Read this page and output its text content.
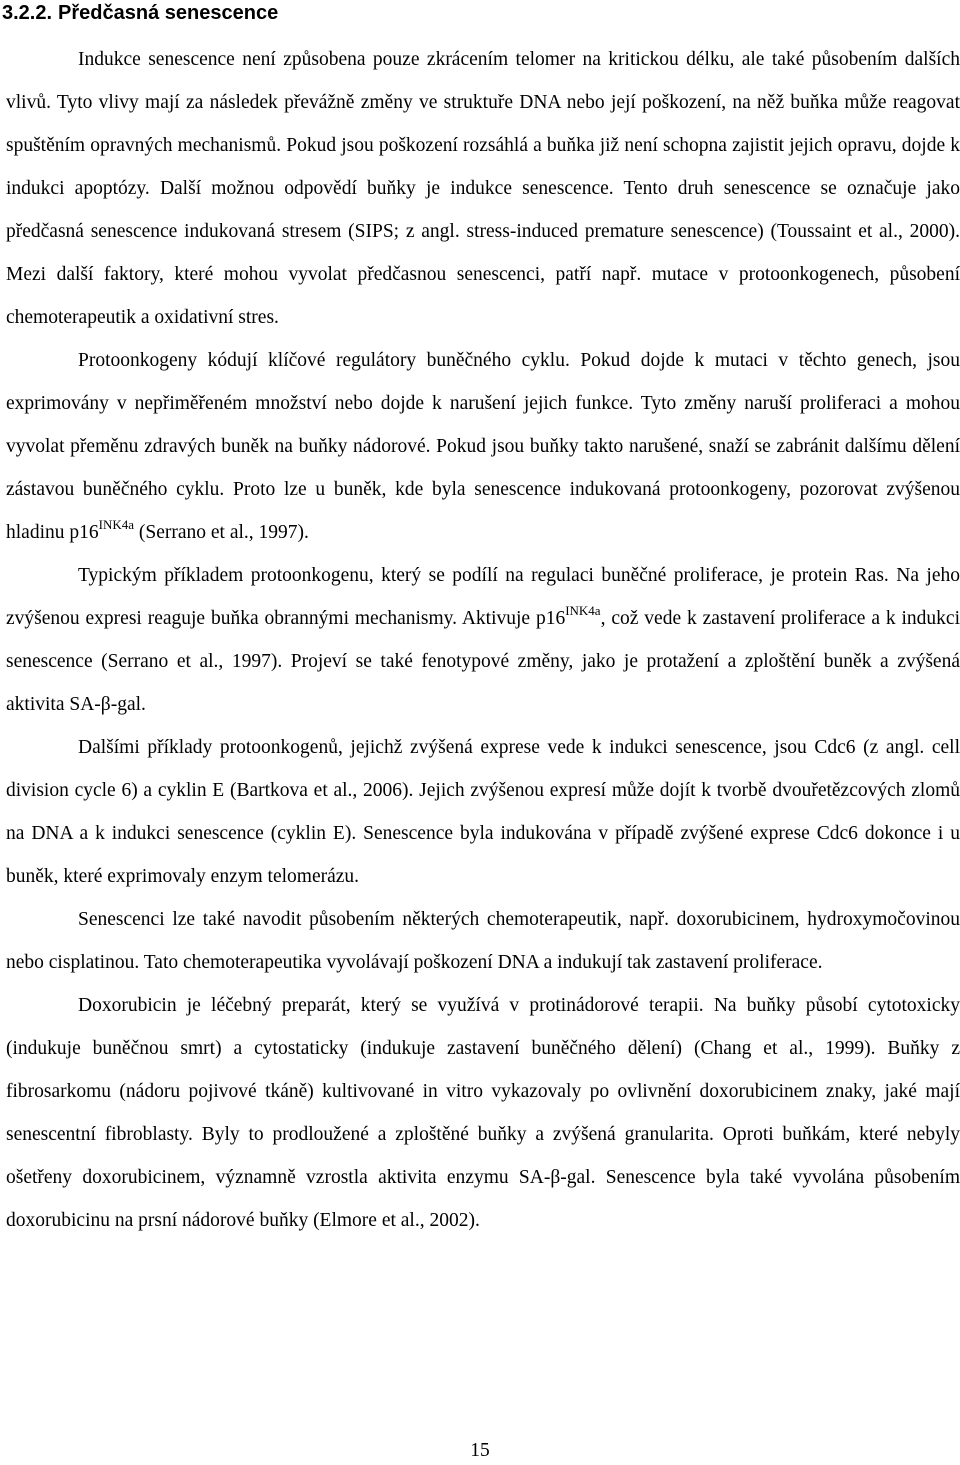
3.2.2. Předčasná senescence

Indukce senescence není způsobena pouze zkrácením telomer na kritickou délku, ale také působením dalších vlivů. Tyto vlivy mají za následek převážně změny ve struktuře DNA nebo její poškození, na něž buňka může reagovat spuštěním opravných mechanismů. Pokud jsou poškození rozsáhlá a buňka již není schopna zajistit jejich opravu, dojde k indukci apoptózy. Další možnou odpovědí buňky je indukce senescence. Tento druh senescence se označuje jako předčasná senescence indukovaná stresem (SIPS; z angl. stress-induced premature senescence) (Toussaint et al., 2000). Mezi další faktory, které mohou vyvolat předčasnou senescenci, patří např. mutace v protoonkogenech, působení chemoterapeutik a oxidativní stres.

Protoonkogeny kódují klíčové regulátory buněčného cyklu. Pokud dojde k mutaci v těchto genech, jsou exprimovány v nepřiměřeném množství nebo dojde k narušení jejich funkce. Tyto změny naruší proliferaci a mohou vyvolat přeměnu zdravých buněk na buňky nádorové. Pokud jsou buňky takto narušené, snaží se zabránit dalšímu dělení zástavou buněčného cyklu. Proto lze u buněk, kde byla senescence indukovaná protoonkogeny, pozorovat zvýšenou hladinu $p16^{INK4a}$ (Serrano et al., 1997).

Typickým příkladem protoonkogenu, který se podílí na regulaci buněčné proliferace, je protein Ras. Na jeho zvýšenou expresi reaguje buňka obrannými mechanismy. Aktivuje $p16^{INK4a}$, což vede k zastavení proliferace a k indukci senescence (Serrano et al., 1997). Projeví se také fenotypové změny, jako je protažení a zploštění buněk a zvýšená aktivita SA-β-gal.

Dalšími příklady protoonkogenů, jejichž zvýšená exprese vede k indukci senescence, jsou Cdc6 (z angl. cell division cycle 6) a cyklin E (Bartkova et al., 2006). Jejich zvýšenou expresí může dojít k tvorbě dvouřetězcových zlomů na DNA a k indukci senescence (cyklin E). Senescence byla indukována v případě zvýšené exprese Cdc6 dokonce i u buněk, které exprimovaly enzym telomerázu.

Senescenci lze také navodit působením některých chemoterapeutik, např. doxorubicinem, hydroxymočovinou nebo cisplatinou. Tato chemoterapeutika vyvolávají poškození DNA a indukují tak zastavení proliferace.

Doxorubicin je léčebný preparát, který se využívá v protinádorové terapii. Na buňky působí cytotoxicky (indukuje buněčnou smrt) a cytostaticky (indukuje zastavení buněčného dělení) (Chang et al., 1999). Buňky z fibrosarkomu (nádoru pojivové tkáně) kultivované in vitro vykazovaly po ovlivnění doxorubicinem znaky, jaké mají senescentní fibroblasty. Byly to prodloužené a zploštěné buňky a zvýšená granularita. Oproti buňkám, které nebyly ošetřeny doxorubicinem, významně vzrostla aktivita enzymu SA-β-gal. Senescence byla také vyvolána působením doxorubicinu na prsní nádorové buňky (Elmore et al., 2002).

15
